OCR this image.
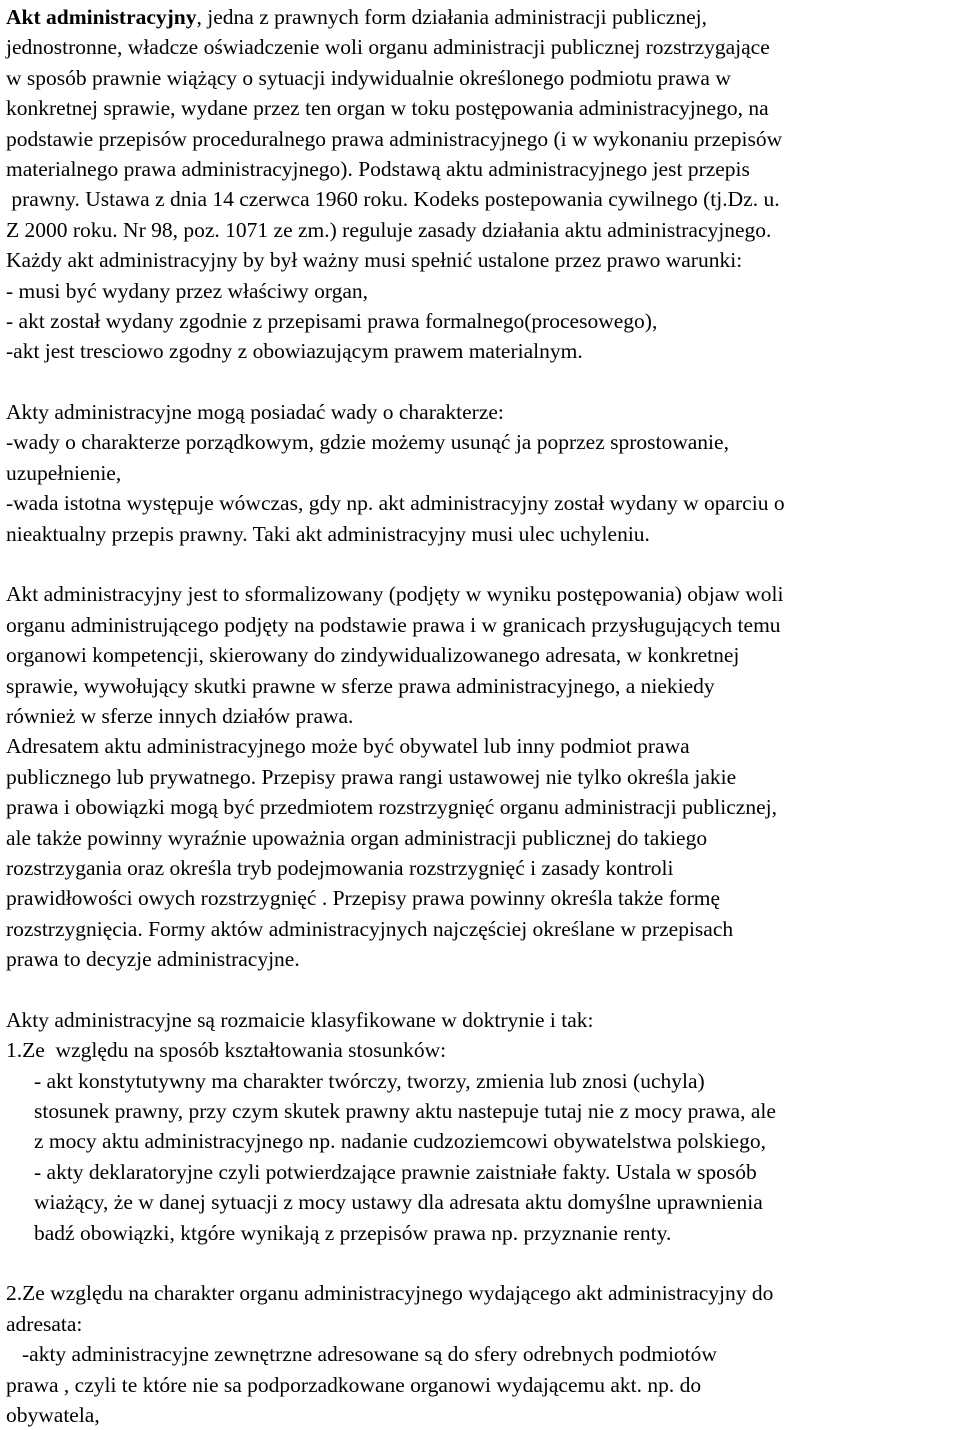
Akt administracyjny, jedna z prawnych form działania administracji publicznej,
jednostronne, władcze oświadczenie woli organu administracji publicznej rozstrzygające
w sposób prawnie wiążący o sytuacji indywidualnie określonego podmiotu prawa w
konkretnej sprawie, wydane przez ten organ w toku postępowania administracyjnego, na
podstawie przepisów proceduralnego prawa administracyjnego (i w wykonaniu przepisów
materialnego prawa administracyjnego). Podstawą aktu administracyjnego jest przepis
prawny. Ustawa z dnia 14 czerwca 1960 roku. Kodeks postepowania cywilnego (tj.Dz. u.
Z 2000 roku. Nr 98, poz. 1071 ze zm.) reguluje zasady działania aktu administracyjnego.
Każdy akt administracyjny by był ważny musi spełnić ustalone przez prawo warunki:
- musi być wydany przez właściwy organ,
- akt został wydany zgodnie z przepisami prawa formalnego(procesowego),
-akt jest tresciowo zgodny z obowiazującym prawem materialnym.
Akty administracyjne mogą posiadać wady o charakterze:
-wady o charakterze porządkowym, gdzie możemy usunąć ja poprzez sprostowanie,
uzupełnienie,
-wada istotna występuje wówczas, gdy np. akt administracyjny został wydany w oparciu o
nieaktualny przepis prawny. Taki akt administracyjny musi ulec uchyleniu.
Akt administracyjny jest to sformalizowany (podjęty w wyniku postępowania) objaw woli
organu administrującego podjęty na podstawie prawa i w granicach przysługujących temu
organowi kompetencji, skierowany do zindywidualizowanego adresata, w konkretnej
sprawie, wywołujący skutki prawne w sferze prawa administracyjnego, a niekiedy
również w sferze innych działów prawa.
Adresatem aktu administracyjnego może być obywatel lub inny podmiot prawa
publicznego lub prywatnego. Przepisy prawa rangi ustawowej nie tylko określa jakie
prawa i obowiązki mogą być przedmiotem rozstrzygnięć organu administracji publicznej,
ale także powinny wyraźnie upoważnia organ administracji publicznej do takiego
rozstrzygania oraz określa tryb podejmowania rozstrzygnięć i zasady kontroli
prawidłowości owych rozstrzygnięć . Przepisy prawa powinny określa także formę
rozstrzygnięcia. Formy aktów administracyjnych najczęściej określane w przepisach
prawa to decyzje administracyjne.
Akty administracyjne są rozmaicie klasyfikowane w doktrynie i tak:
1.Ze  względu na sposób kształtowania stosunków:
- akt konstytutywny ma charakter twórczy, tworzy, zmienia lub znosi (uchyla)
stosunek prawny, przy czym skutek prawny aktu nastepuje tutaj nie z mocy prawa, ale
z mocy aktu administracyjnego np. nadanie cudzoziemcowi obywatelstwa polskiego,
- akty deklaratoryjne czyli potwierdzające prawnie zaistniałe fakty. Ustala w sposób
wiażący, że w danej sytuacji z mocy ustawy dla adresata aktu domyślne uprawnienia
badź obowiązki, ktgóre wynikają z przepisów prawa np. przyznanie renty.
2.Ze względu na charakter organu administracyjnego wydającego akt administracyjny do
adresata:
-akty administracyjne zewnętrzne adresowane są do sfery odrebnych podmiotów
prawa , czyli te które nie sa podporzadkowane organowi wydającemu akt. np. do
obywatela,
